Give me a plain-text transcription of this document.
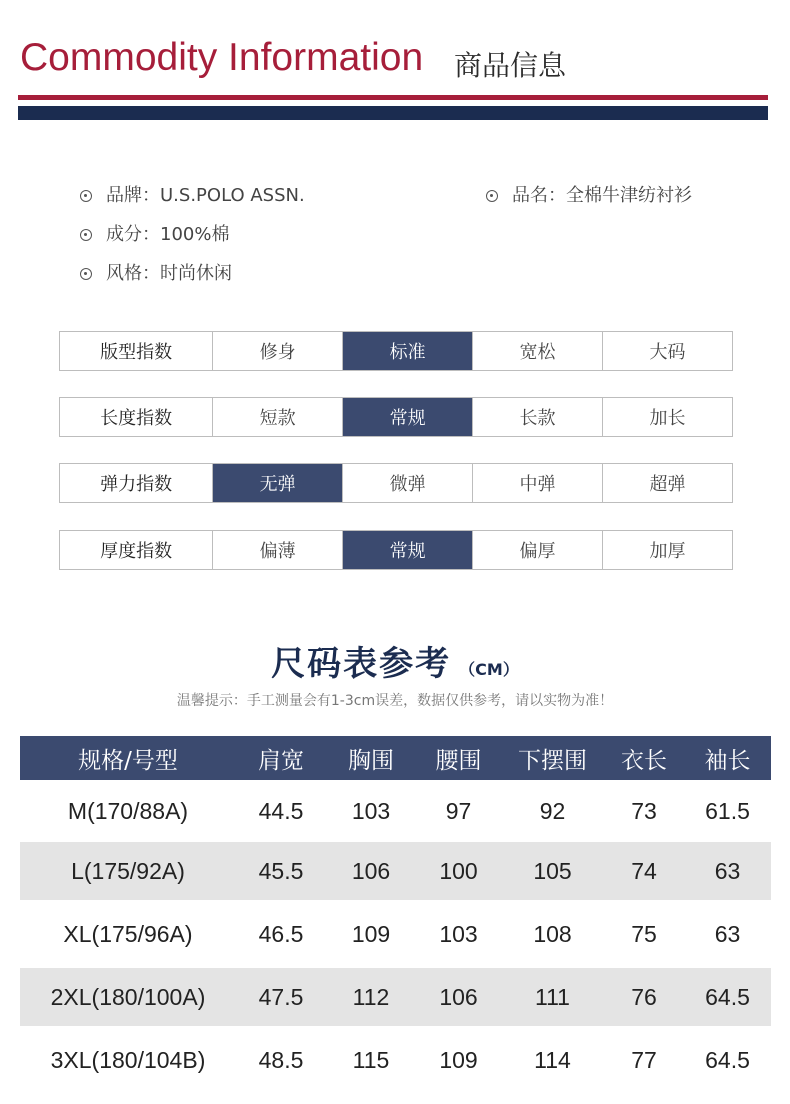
Commodity Information 商品信息
品牌：U.S.POLO ASSN.	品名：全棉牛津纺衬衫
成分：100%棉
风格：时尚休闲
版型指数	修身	标准	宽松	大码
长度指数	短款	常规	长款	加长
弹力指数	无弹	微弹	中弹	超弹
厚度指数	偏薄	常规	偏厚	加厚
尺码表参考 （CM）
温馨提示：手工测量会有1-3cm误差，数据仅供参考，请以实物为准！
规格/号型	肩宽	胸围	腰围	下摆围	衣长	袖长
M(170/88A)	44.5	103	97	92	73	61.5
L(175/92A)	45.5	106	100	105	74	63
XL(175/96A)	46.5	109	103	108	75	63
2XL(180/100A)	47.5	112	106	111	76	64.5
3XL(180/104B)	48.5	115	109	114	77	64.5
